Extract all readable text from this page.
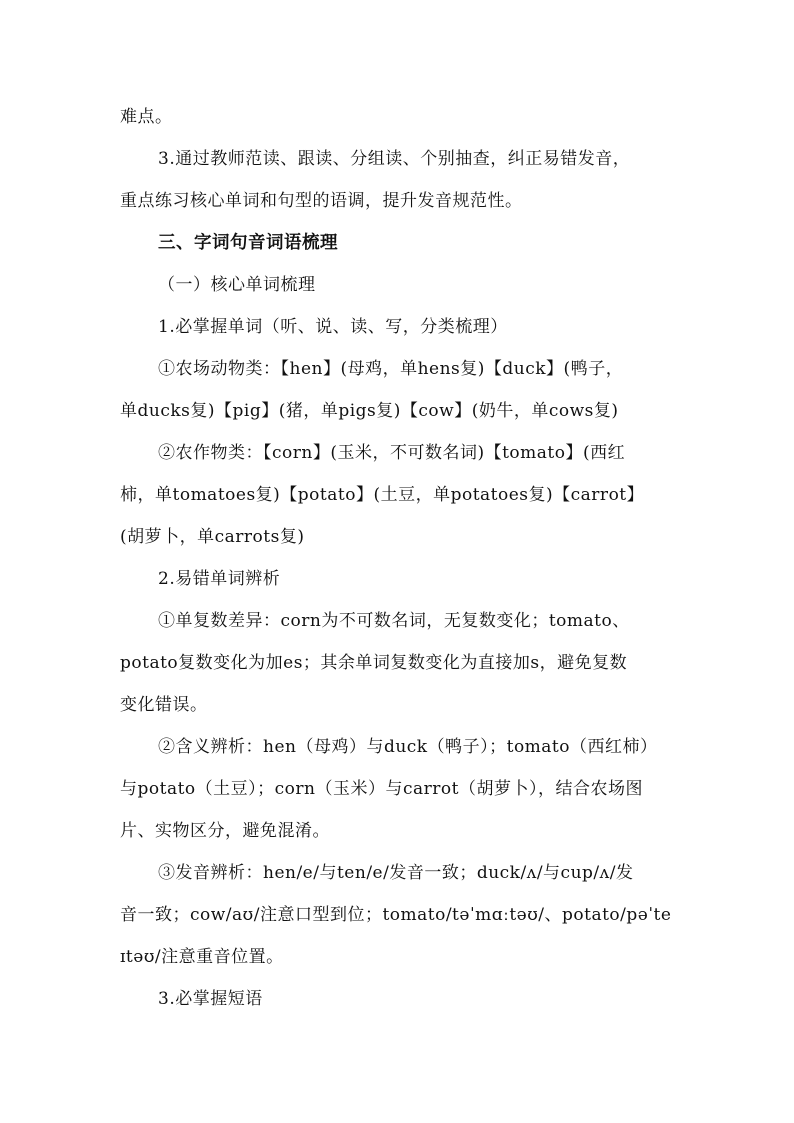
难点。
3.通过教师范读、跟读、分组读、个别抽查，纠正易错发音，
重点练习核心单词和句型的语调，提升发音规范性。
三、字词句音词语梳理
（一）核心单词梳理
1.必掌握单词（听、说、读、写，分类梳理）
①农场动物类：【hen】(母鸡，单hens复)【duck】(鸭子，
单ducks复)【pig】(猪，单pigs复)【cow】(奶牛，单cows复)
②农作物类：【corn】(玉米，不可数名词)【tomato】(西红
柿，单tomatoes复)【potato】(土豆，单potatoes复)【carrot】
(胡萝卜，单carrots复)
2.易错单词辨析
①单复数差异：corn为不可数名词，无复数变化；tomato、
potato复数变化为加es；其余单词复数变化为直接加s，避免复数
变化错误。
②含义辨析：hen（母鸡）与duck（鸭子）；tomato（西红柿）
与potato（土豆）；corn（玉米）与carrot（胡萝卜），结合农场图
片、实物区分，避免混淆。
③发音辨析：hen/e/与ten/e/发音一致；duck/ʌ/与cup/ʌ/发
音一致；cow/aʊ/注意口型到位；tomato/təˈmɑːtəʊ/、potato/pəˈte
ɪtəʊ/注意重音位置。
3.必掌握短语
